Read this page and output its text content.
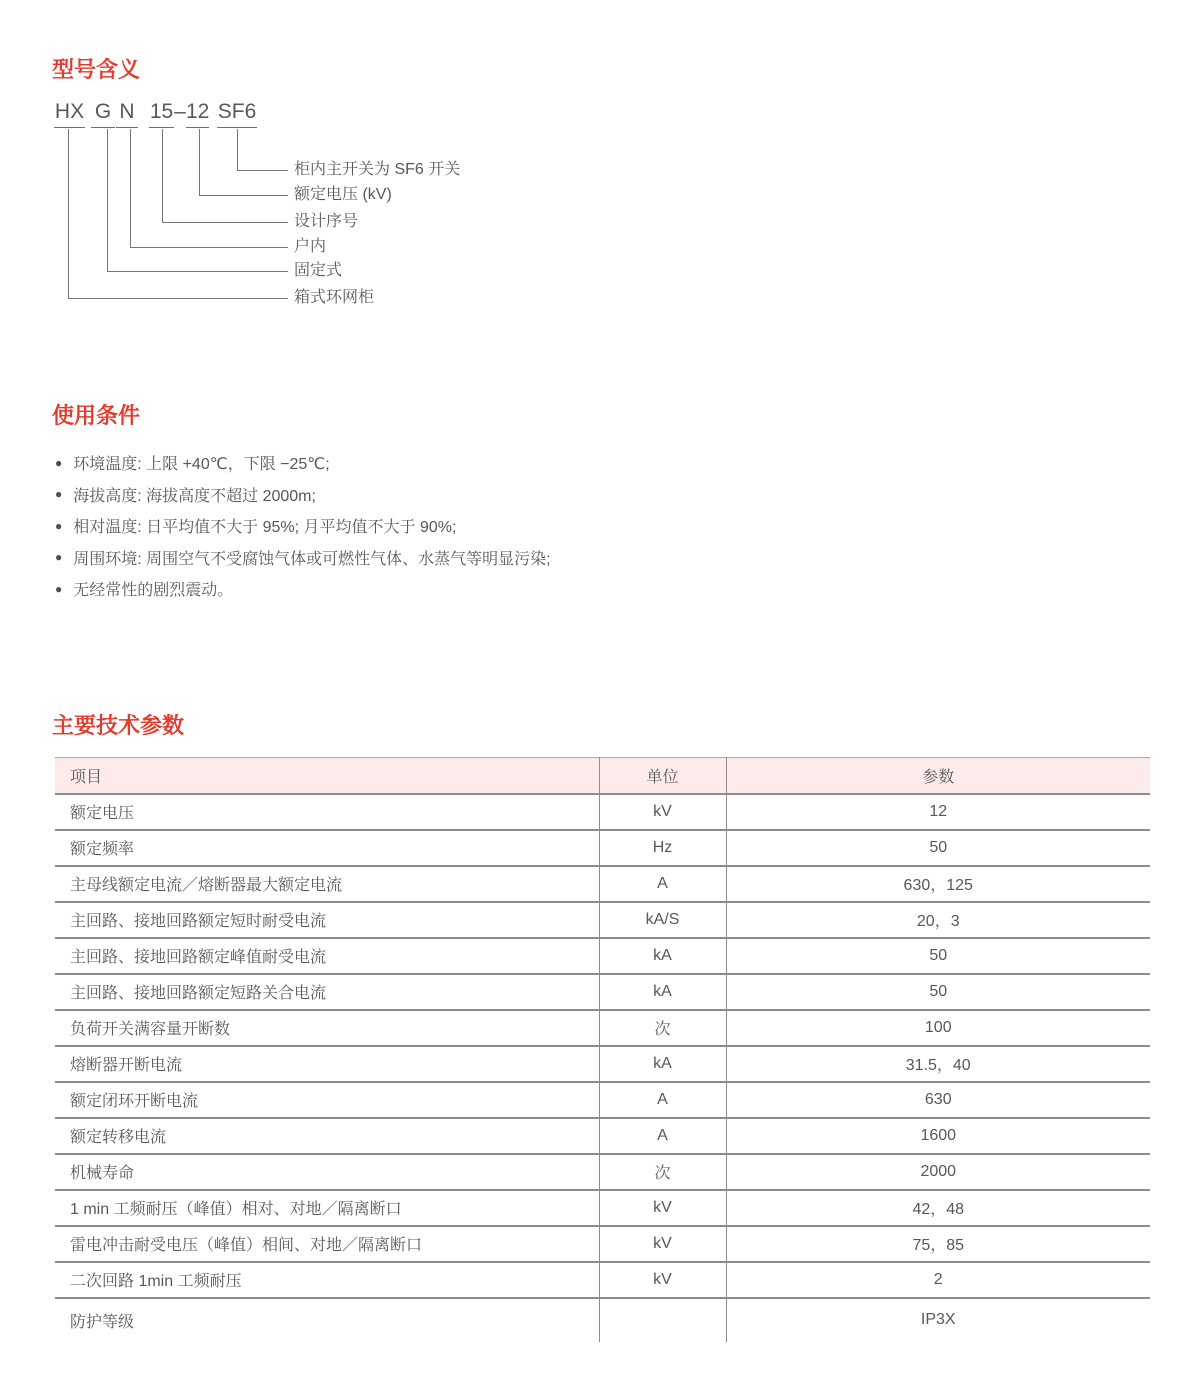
型号含义
HX G N 15 – 12 SF6
柜内主开关为 SF6 开关
额定电压 (kV)
设计序号
户内
固定式
箱式环网柜
使用条件
● 环境温度: 上限 +40℃，下限 −25℃;
● 海拔高度: 海拔高度不超过 2000m;
● 相对温度: 日平均值不大于 95%; 月平均值不大于 90%;
● 周围环境: 周围空气不受腐蚀气体或可燃性气体、水蒸气等明显污染;
● 无经常性的剧烈震动。
主要技术参数
项目	单位	参数
额定电压	kV	12
额定频率	Hz	50
主母线额定电流／熔断器最大额定电流	A	630，125
主回路、接地回路额定短时耐受电流	kA/S	20，3
主回路、接地回路额定峰值耐受电流	kA	50
主回路、接地回路额定短路关合电流	kA	50
负荷开关满容量开断数	次	100
熔断器开断电流	kA	31.5，40
额定闭环开断电流	A	630
额定转移电流	A	1600
机械寿命	次	2000
1 min 工频耐压（峰值）相对、对地／隔离断口	kV	42，48
雷电冲击耐受电压（峰值）相间、对地／隔离断口	kV	75，85
二次回路 1min 工频耐压	kV	2
防护等级		IP3X
